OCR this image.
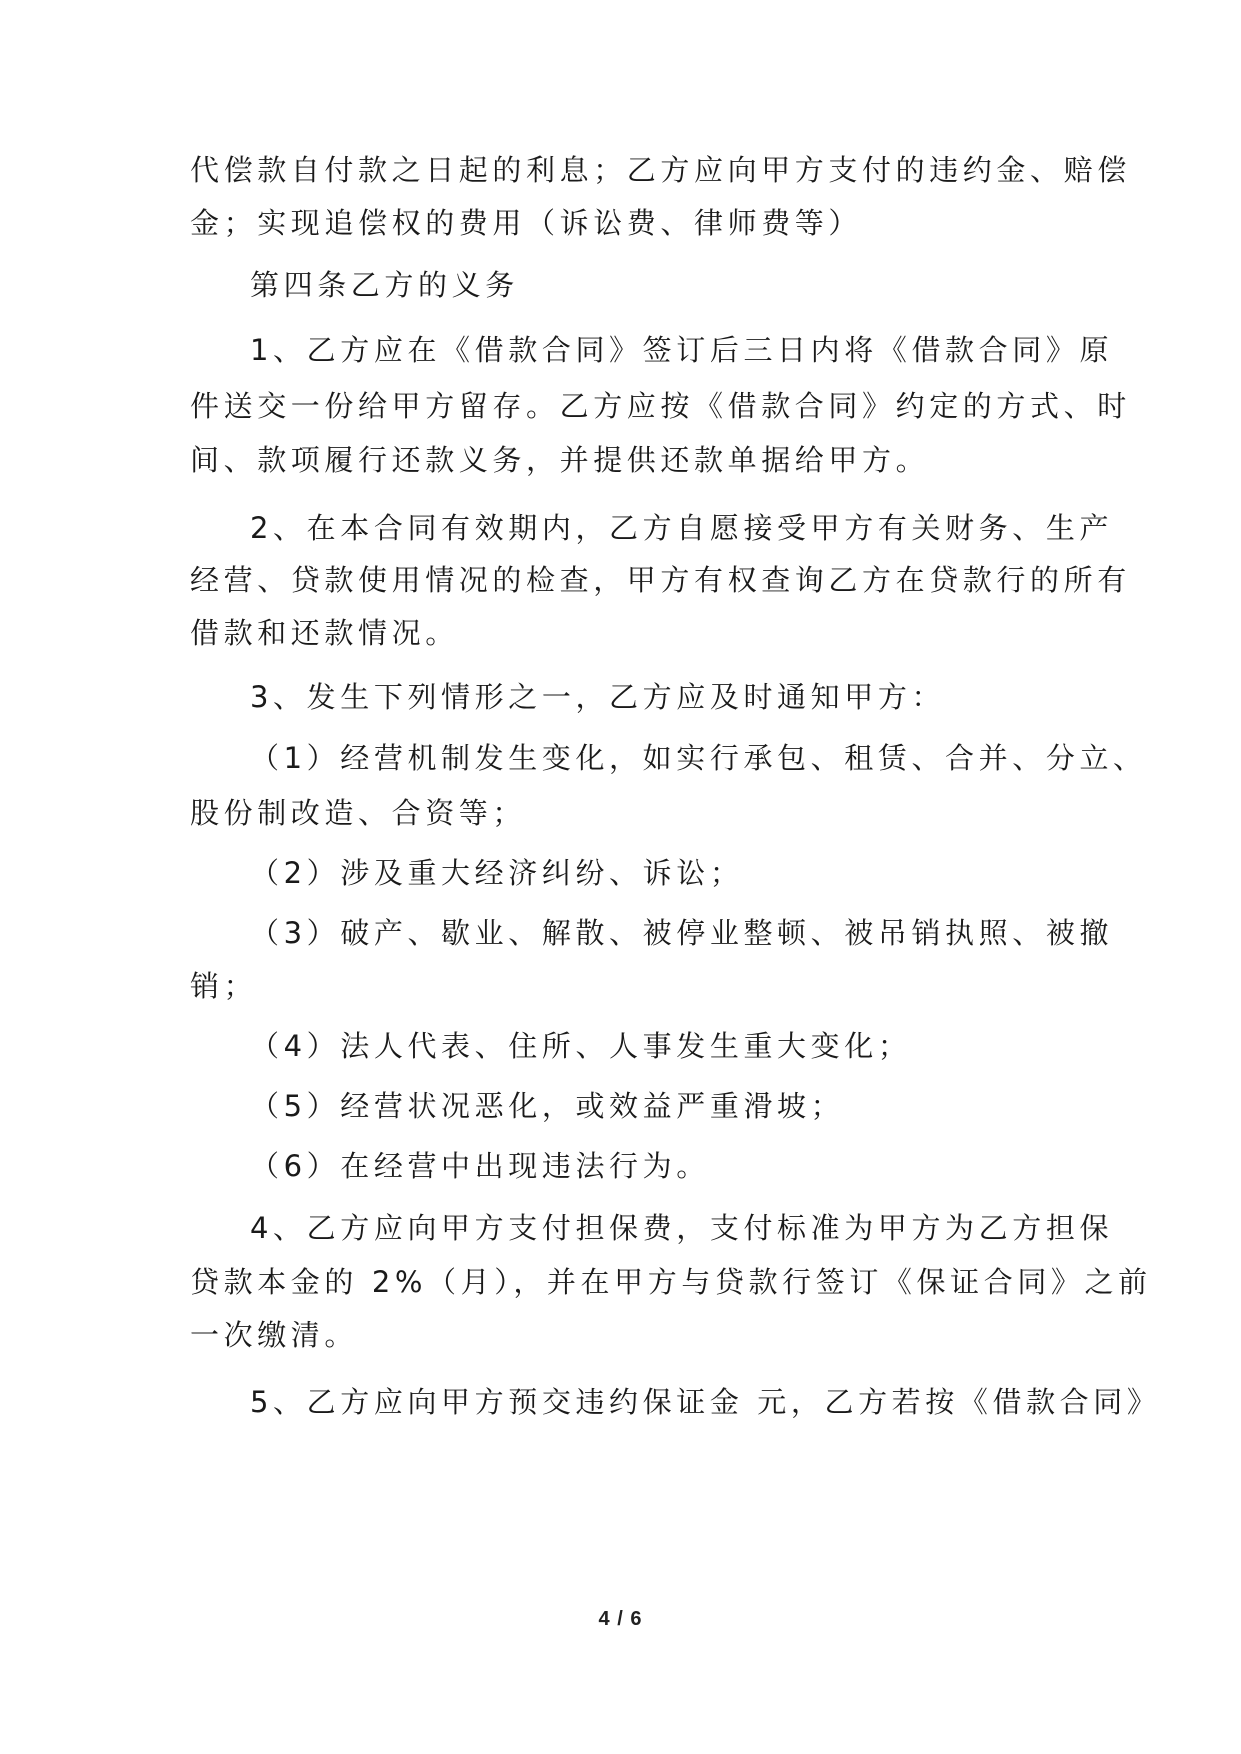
代偿款自付款之日起的利息；乙方应向甲方支付的违约金、赔偿
金；实现追偿权的费用（诉讼费、律师费等）
第四条乙方的义务
1、乙方应在《借款合同》签订后三日内将《借款合同》原
件送交一份给甲方留存。乙方应按《借款合同》约定的方式、时
间、款项履行还款义务，并提供还款单据给甲方。
2、在本合同有效期内，乙方自愿接受甲方有关财务、生产
经营、贷款使用情况的检查，甲方有权查询乙方在贷款行的所有
借款和还款情况。
3、发生下列情形之一，乙方应及时通知甲方：
（1）经营机制发生变化，如实行承包、租赁、合并、分立、
股份制改造、合资等；
（2）涉及重大经济纠纷、诉讼；
（3）破产、歇业、解散、被停业整顿、被吊销执照、被撤
销；
（4）法人代表、住所、人事发生重大变化；
（5）经营状况恶化，或效益严重滑坡；
（6）在经营中出现违法行为。
4、乙方应向甲方支付担保费，支付标准为甲方为乙方担保
贷款本金的 2%（月），并在甲方与贷款行签订《保证合同》之前
一次缴清。
5、乙方应向甲方预交违约保证金 元，乙方若按《借款合同》
4 / 6
